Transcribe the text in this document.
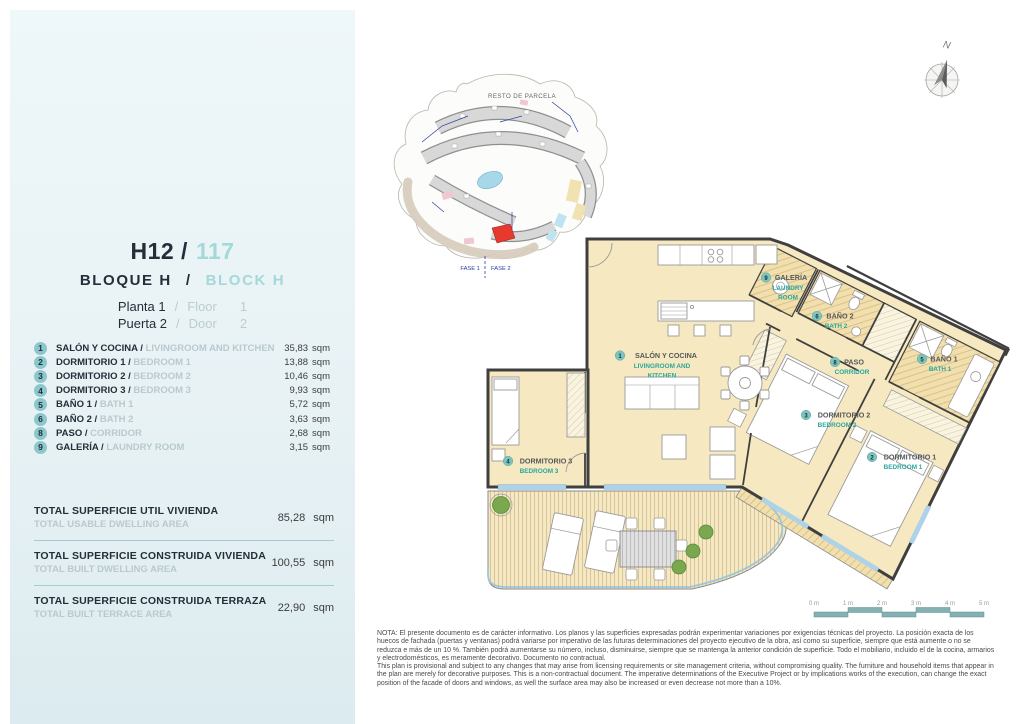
H12 / 117
BLOQUE H / BLOCK H
Planta 1 / Floor 1
Puerta 2 / Door 2
1	SALÓN Y COCINA / LIVINGROOM AND KITCHEN 35,83 sqm
2	DORMITORIO 1 / BEDROOM 1	13,88 sqm
3	DORMITORIO 2 / BEDROOM 2	10,46 sqm
4	DORMITORIO 3 / BEDROOM 3	9,93 sqm
5	BAÑO 1 / BATH 1	5,72 sqm
6	BAÑO 2 / BATH 2	3,63 sqm
8	PASO / CORRIDOR	2,68 sqm
9	GALERÍA / LAUNDRY ROOM	3,15 sqm
TOTAL SUPERFICIE UTIL VIVIENDA
TOTAL USABLE DWELLING AREA
85,28 sqm
TOTAL SUPERFICIE CONSTRUIDA VIVIENDA
TOTAL BUILT DWELLING AREA
100,55 sqm
TOTAL SUPERFICIE CONSTRUIDA TERRAZA
TOTAL BUILT TERRACE AREA
22,90 sqm
RESTO DE PARCELA
FASE 1 FASE 2
N
1 SALÓN Y COCINA
LIVINGROOM AND
KITCHEN
9 GALERÍA
LAUNDRY
ROOM
6 BAÑO 2
BATH 2
8 PASO
CORRIDOR
5 BAÑO 1
BATH 1
3 DORMITORIO 2
BEDROOM 2
2 DORMITORIO 1
BEDROOM 1
4 DORMITORIO 3
BEDROOM 3
0 m	1 m	2 m	3 m	4 m	5 m

NOTA: El presente documento es de carácter informativo. Los planos y las superficies expresadas podrán experimentar variaciones por exigencias técnicas del proyecto. La posición exacta de los huecos de fachada (puertas y ventanas) podrá variarse por imperativo de las futuras determinaciones del proyecto ejecutivo de la obra, así como su superficie, siempre que está aumente o no se reduzca e más de un 10 %. También podrá aumentarse su número, incluso, disminuirse, siempre que se mantenga la anterior condición de superficie. Todo el mobiliario, incluido el de la cocina, armarios y electrodomésticos, es meramente decorativo. Documento no contractual.

This plan is provisional and subject to any changes that may arise from licensing requirements or site management criteria, without compromising quality. The furniture and household items that appear in the plan are merely for decorative purposes. This is a non-contractual document. The imperative determinations of the Executive Project or by implications works of the execution, can change the exact position of the facade of doors and windows, as well the surface area may also be increased or even decrease not more than a 10%.
